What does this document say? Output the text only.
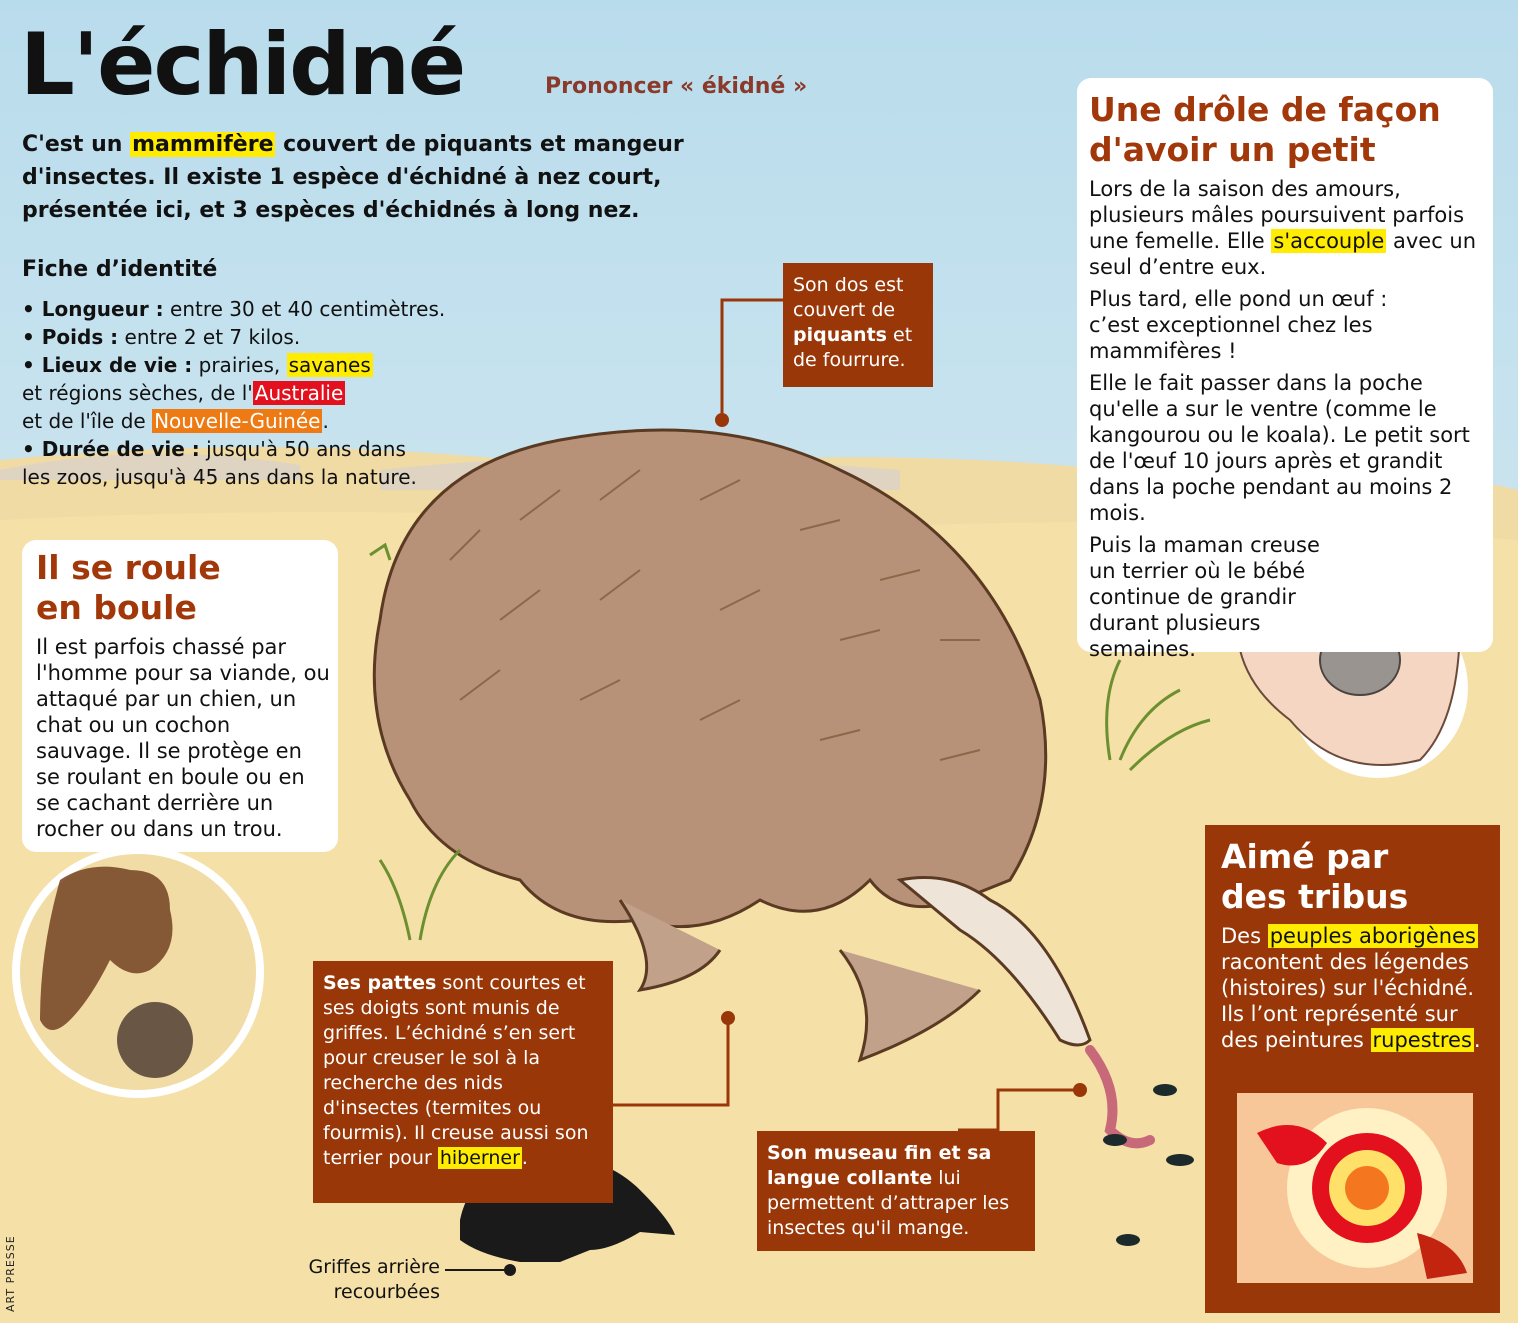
L'échidné	Prononcer « ékidné »
C'est un mammifère couvert de piquants et mangeur d'insectes. Il existe 1 espèce d'échidné à nez court, présentée ici, et 3 espèces d'échidnés à long nez.
Fiche d’identité
• Longueur : entre 30 et 40 centimètres.
• Poids : entre 2 et 7 kilos.
• Lieux de vie : prairies, savanes
et régions sèches, de l' Australie
et de l'île de Nouvelle-Guinée .
• Durée de vie : jusqu'à 50 ans dans
les zoos, jusqu'à 45 ans dans la nature.
Il se roule
en boule
Il est parfois chassé par l'homme pour sa viande, ou attaqué par un chien, un chat ou un cochon sauvage. Il se protège en se roulant en boule ou en se cachant derrière un rocher ou dans un trou.
Son dos est couvert de piquants et de fourrure.
Une drôle de façon
d'avoir un petit
Lors de la saison des amours, plusieurs mâles poursuivent parfois une femelle. Elle s'accouple avec un seul d’entre eux.
Plus tard, elle pond un œuf : c’est exceptionnel chez les mammifères !
Elle le fait passer dans la poche qu'elle a sur le ventre (comme le kangourou ou le koala). Le petit sort de l'œuf 10 jours après et grandit dans la poche pendant au moins 2 mois.
Puis la maman creuse un terrier où le bébé continue de grandir durant plusieurs semaines.
Ses pattes sont courtes et ses doigts sont munis de griffes. L’échidné s’en sert pour creuser le sol à la recherche des nids d'insectes (termites ou fourmis). Il creuse aussi son terrier pour hiberner .
Griffes arrière
recourbées
Son museau fin et sa langue collante lui permettent d’attraper les insectes qu'il mange.
Aimé par
des tribus
Des peuples aborigènes racontent des légendes (histoires) sur l'échidné. Ils l’ont représenté sur des peintures rupestres.
ART PRESSE
